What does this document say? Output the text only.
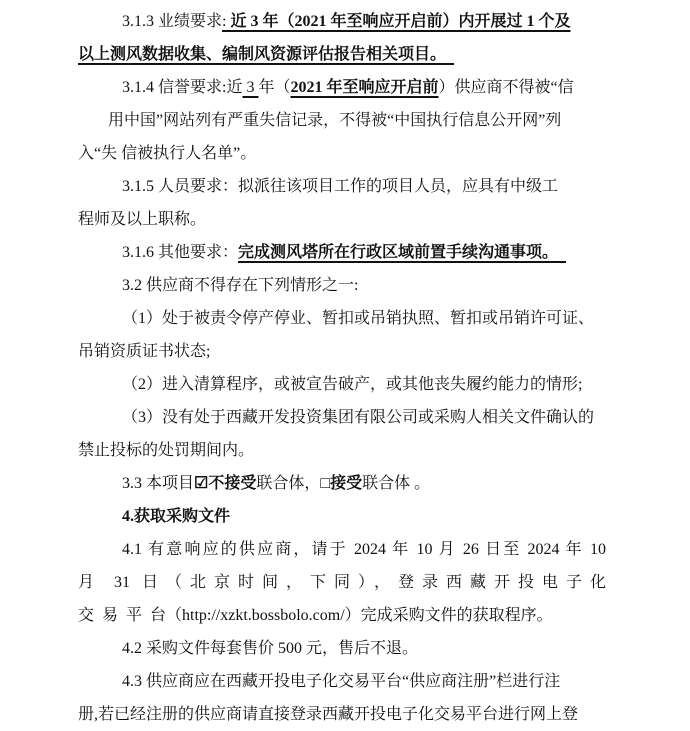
3.1.3 业绩要求: 近 3 年（2021 年至响应开启前）内开展过 1 个及
以上测风数据收集、编制风资源评估报告相关项目。　
3.1.4 信誉要求:近 3 年（2021 年至响应开启前）供应商不得被“信
用中国”网站列有严重失信记录，不得被“中国执行信息公开网”列
入“失 信被执行人名单”。
3.1.5 人员要求：拟派往该项目工作的项目人员，应具有中级工
程师及以上职称。
3.1.6 其他要求：完成测风塔所在行政区域前置手续沟通事项。　
3.2 供应商不得存在下列情形之一:
（1）处于被责令停产停业、暂扣或吊销执照、暂扣或吊销许可证、
吊销资质证书状态;
（2）进入清算程序，或被宣告破产，或其他丧失履约能力的情形;
（3）没有处于西藏开发投资集团有限公司或采购人相关文件确认的
禁止投标的处罚期间内。
3.3 本项目☑不接受联合体，□接受联合体 。
4.获取采购文件
4.1 有意响应的供应商，请于 2024 年 10 月 26 日至 2024 年 10
月 31 日（北京时间，下同），登录西藏开投电子化
交 易 平 台（http://xzkt.bossbolo.com/）完成采购文件的获取程序。
4.2 采购文件每套售价 500 元，售后不退。
4.3 供应商应在西藏开投电子化交易平台“供应商注册”栏进行注
册,若已经注册的供应商请直接登录西藏开投电子化交易平台进行网上登
